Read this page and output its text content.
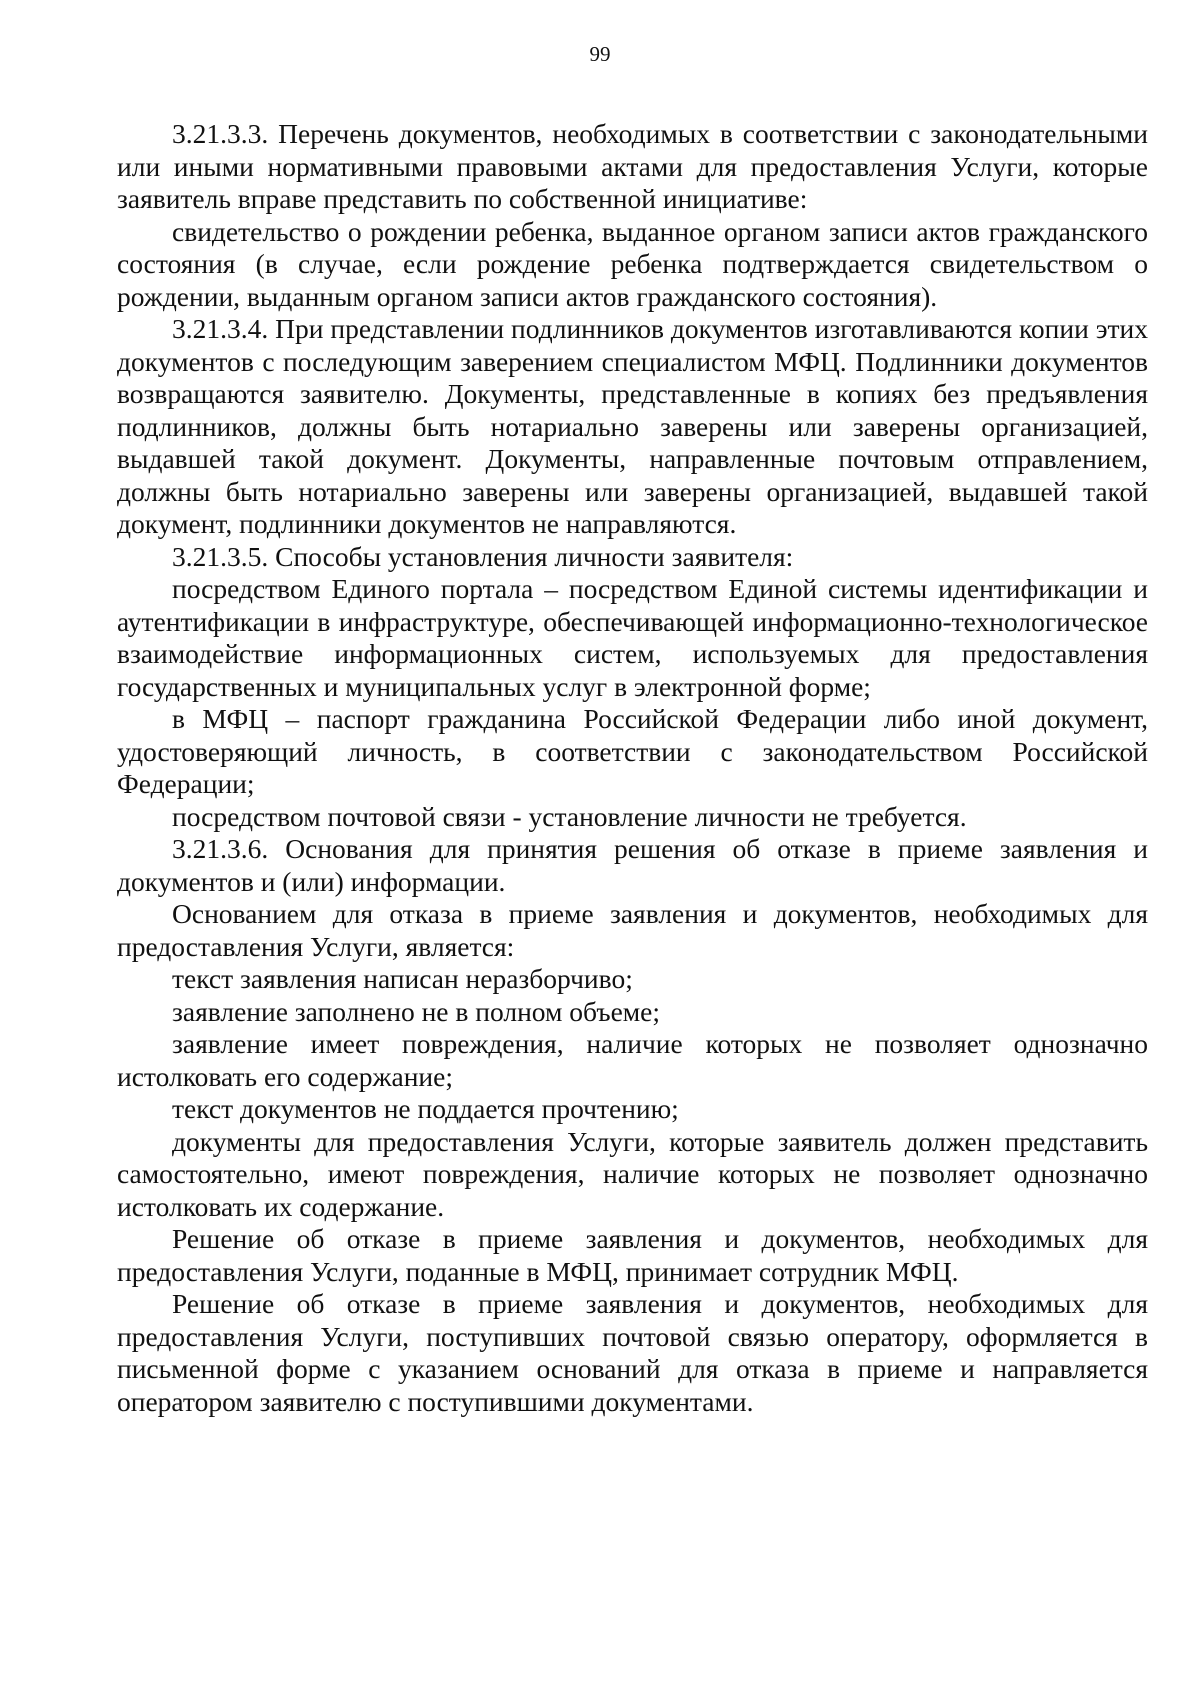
99

3.21.3.3. Перечень документов, необходимых в соответствии с законодательными или иными нормативными правовыми актами для предоставления Услуги, которые заявитель вправе представить по собственной инициативе:

свидетельство о рождении ребенка, выданное органом записи актов гражданского состояния (в случае, если рождение ребенка подтверждается свидетельством о рождении, выданным органом записи актов гражданского состояния).

3.21.3.4. При представлении подлинников документов изготавливаются копии этих документов с последующим заверением специалистом МФЦ. Подлинники документов возвращаются заявителю. Документы, представленные в копиях без предъявления подлинников, должны быть нотариально заверены или заверены организацией, выдавшей такой документ. Документы, направленные почтовым отправлением, должны быть нотариально заверены или заверены организацией, выдавшей такой документ, подлинники документов не направляются.

3.21.3.5. Способы установления личности заявителя:

посредством Единого портала – посредством Единой системы идентификации и аутентификации в инфраструктуре, обеспечивающей информационно-технологическое взаимодействие информационных систем, используемых для предоставления государственных и муниципальных услуг в электронной форме;

в МФЦ – паспорт гражданина Российской Федерации либо иной документ, удостоверяющий личность, в соответствии с законодательством Российской Федерации;

посредством почтовой связи - установление личности не требуется.

3.21.3.6. Основания для принятия решения об отказе в приеме заявления и документов и (или) информации.

Основанием для отказа в приеме заявления и документов, необходимых для предоставления Услуги, является:

текст заявления написан неразборчиво;

заявление заполнено не в полном объеме;

заявление имеет повреждения, наличие которых не позволяет однозначно истолковать его содержание;

текст документов не поддается прочтению;

документы для предоставления Услуги, которые заявитель должен представить самостоятельно, имеют повреждения, наличие которых не позволяет однозначно истолковать их содержание.

Решение об отказе в приеме заявления и документов, необходимых для предоставления Услуги, поданные в МФЦ, принимает сотрудник МФЦ.

Решение об отказе в приеме заявления и документов, необходимых для предоставления Услуги, поступивших почтовой связью оператору, оформляется в письменной форме с указанием оснований для отказа в приеме и направляется оператором заявителю с поступившими документами.
